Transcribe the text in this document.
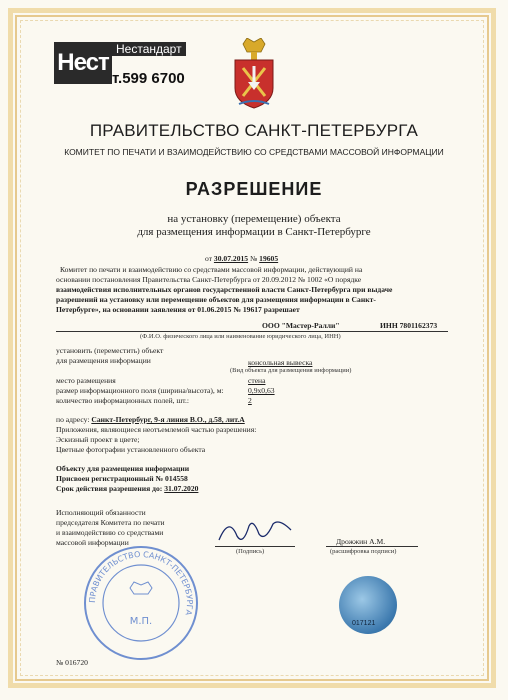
Нест Нестандарт
т.599 6700
ПРАВИТЕЛЬСТВО САНКТ-ПЕТЕРБУРГА
КОМИТЕТ ПО ПЕЧАТИ И ВЗАИМОДЕЙСТВИЮ СО СРЕДСТВАМИ МАССОВОЙ ИНФОРМАЦИИ
РАЗРЕШЕНИЕ
на установку (перемещение) объекта
для размещения информации в Санкт-Петербурге
от 30.07.2015 № 19605
Комитет по печати и взаимодействию со средствами массовой информации, действующий на
основании постановления Правительства Санкт-Петербурга от 20.09.2012 № 1002 «О порядке
взаимодействия исполнительных органов государственной власти Санкт-Петербурга при выдаче
разрешений на установку или перемещение объектов для размещения информации в Санкт-
Петербурге», на основании заявления от 01.06.2015 № 19617 разрешает
ООО "Мастер-Ралли"	ИНН 7801162373
(Ф.И.О. физического лица или наименование юридического лица, ИНН)
установить (переместить) объект
для размещения информации	консольная вывеска
(Вид объекта для размещения информации)
место размещения	стена
размер информационного поля (ширина/высота), м:	0,9х0,63
количество информационных полей, шт.:	2
по адресу: Санкт-Петербург, 9-я линия В.О., д.58, лит.А
Приложения, являющиеся неотъемлемой частью разрешения:
Эскизный проект в цвете;
Цветные фотографии установленного объекта
Объекту для размещения информации
Присвоен регистрационный № 014558
Срок действия разрешения до: 31.07.2020
Исполняющий обязанности
председателя Комитета по печати
и взаимодействию со средствами
массовой информации
(Подпись)
Дрожжин А.М.
(расшифровка подписи)
ПРАВИТЕЛЬСТВО САНКТ-ПЕТЕРБУРГА
М.П.	017121
№ 016720
